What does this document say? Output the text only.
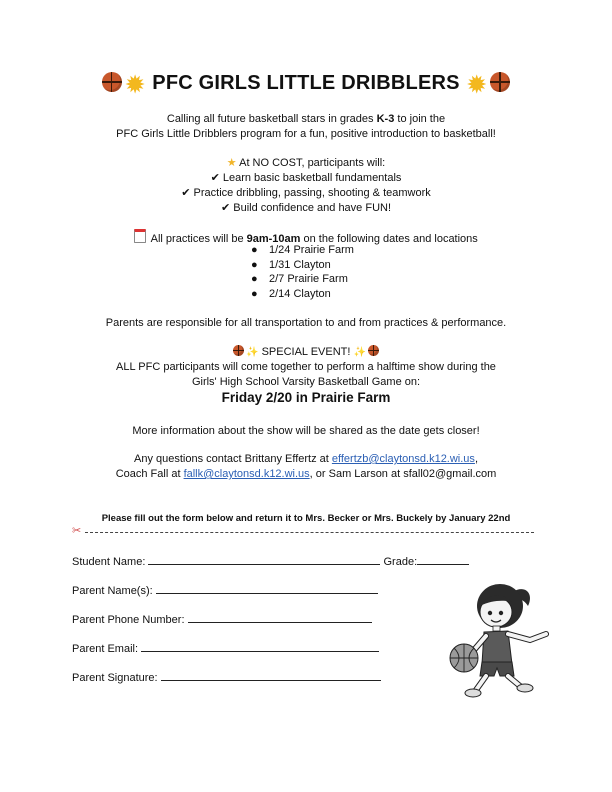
✹ PFC GIRLS LITTLE DRIBBLERS ✹
Calling all future basketball stars in grades K-3 to join the
PFC Girls Little Dribblers program for a fun, positive introduction to basketball!
★ At NO COST, participants will:
✔ Learn basic basketball fundamentals
✔ Practice dribbling, passing, shooting & teamwork
✔ Build confidence and have FUN!
All practices will be 9am-10am on the following dates and locations
● 1/24 Prairie Farm
● 1/31 Clayton
● 2/7 Prairie Farm
● 2/14 Clayton
Parents are responsible for all transportation to and from practices & performance.
✨ SPECIAL EVENT! ✨
ALL PFC participants will come together to perform a halftime show during the
Girls' High School Varsity Basketball Game on:
Friday 2/20 in Prairie Farm
More information about the show will be shared as the date gets closer!
Any questions contact Brittany Effertz at effertzb@claytonsd.k12.wi.us,
Coach Fall at fallk@claytonsd.k12.wi.us, or Sam Larson at sfall02@gmail.com
Please fill out the form below and return it to Mrs. Becker or Mrs. Buckely by January 22nd
✂
Student Name:	Grade:
Parent Name(s):
Parent Phone Number:
Parent Email:
Parent Signature:
